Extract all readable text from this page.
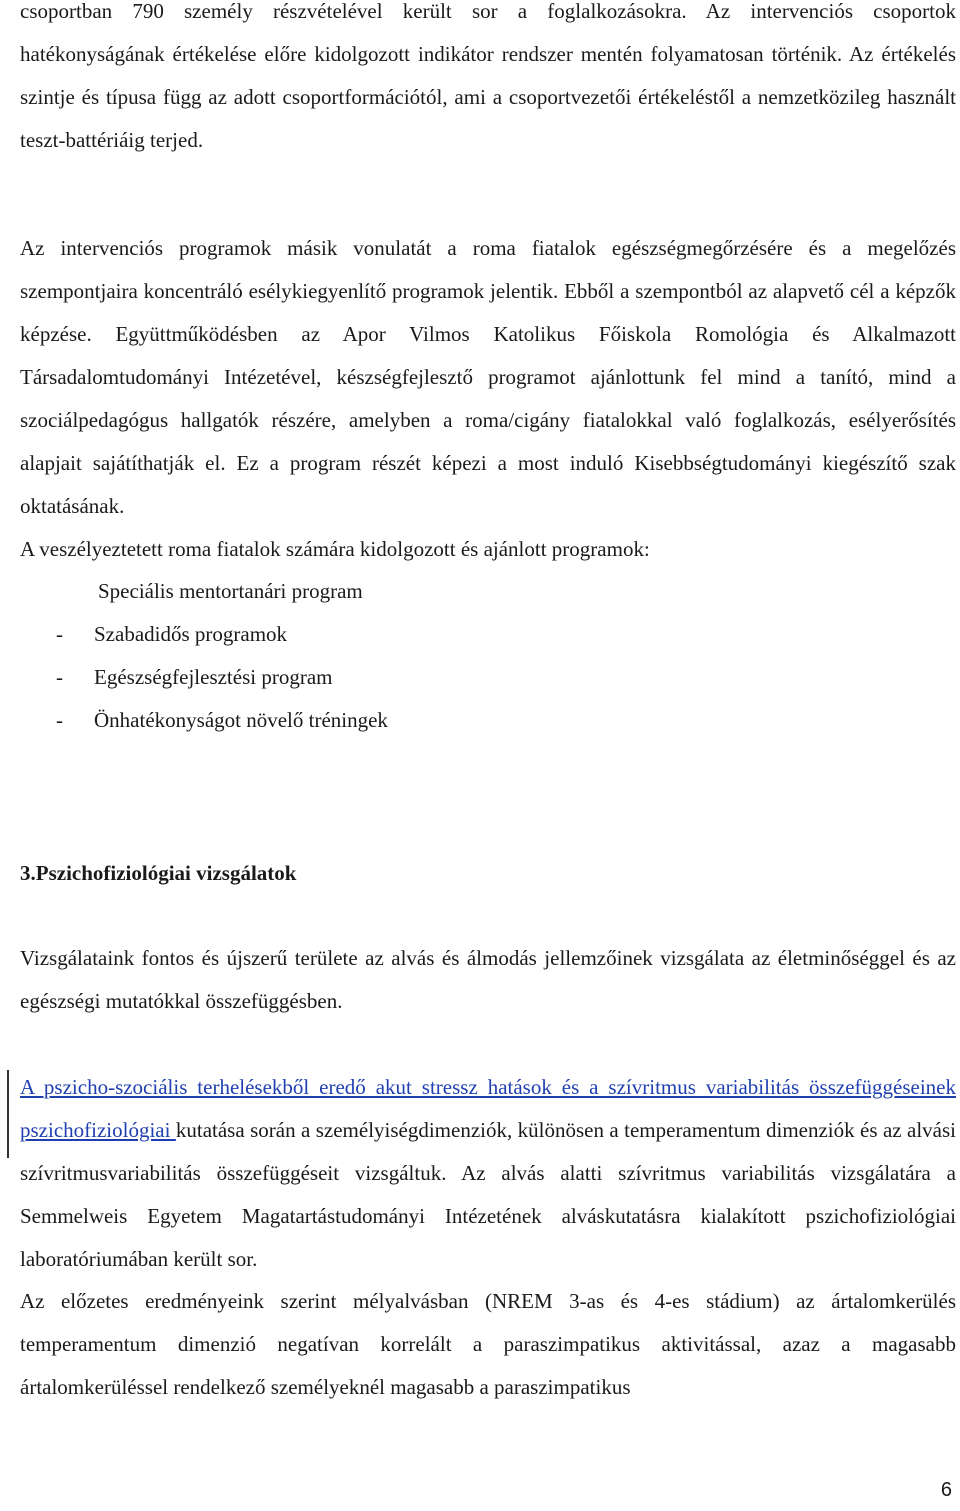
csoportban 790 személy részvételével került sor a foglalkozásokra. Az intervenciós csoportok hatékonyságának értékelése előre kidolgozott indikátor rendszer mentén folyamatosan történik. Az értékelés szintje és típusa függ az adott csoportformációtól, ami a csoportvezetői értékeléstől a nemzetközileg használt teszt-battériáig terjed.

Az intervenciós programok másik vonulatát a roma fiatalok egészségmegőrzésére és a megelőzés szempontjaira koncentráló esélykiegyenlítő programok jelentik. Ebből a szempontból az alapvető cél a képzők képzése. Együttműködésben az Apor Vilmos Katolikus Főiskola Romológia és Alkalmazott Társadalomtudományi Intézetével, készségfejlesztő programot ajánlottunk fel mind a tanító, mind a szociálpedagógus hallgatók részére, amelyben a roma/cigány fiatalokkal való foglalkozás, esélyerősítés alapjait sajátíthatják el. Ez a program részét képezi a most induló Kisebbségtudományi kiegészítő szak oktatásának.

A veszélyeztetett roma fiatalok számára kidolgozott és ajánlott programok:

Speciális mentortanári program
- Szabadidős programok
- Egészségfejlesztési program
- Önhatékonyságot növelő tréningek
3.Pszichofiziológiai vizsgálatok

Vizsgálataink fontos és újszerű területe az alvás és álmodás jellemzőinek vizsgálata az életminőséggel és az egészségi mutatókkal összefüggésben.

A pszicho-szociális terhelésekből eredő akut stressz hatások és a szívritmus variabilitás összefüggéseinek pszichofiziológiai kutatása során a személyiségdimenziók, különösen a temperamentum dimenziók és az alvási szívritmusvariabilitás összefüggéseit vizsgáltuk. Az alvás alatti szívritmus variabilitás vizsgálatára a Semmelweis Egyetem Magatartástudományi Intézetének alváskutatásra kialakított pszichofiziológiai laboratóriumában került sor.

Az előzetes eredményeink szerint mélyalvásban (NREM 3-as és 4-es stádium) az ártalomkerülés temperamentum dimenzió negatívan korrelált a paraszimpatikus aktivitással, azaz a magasabb ártalomkerüléssel rendelkező személyeknél magasabb a paraszimpatikus

6
